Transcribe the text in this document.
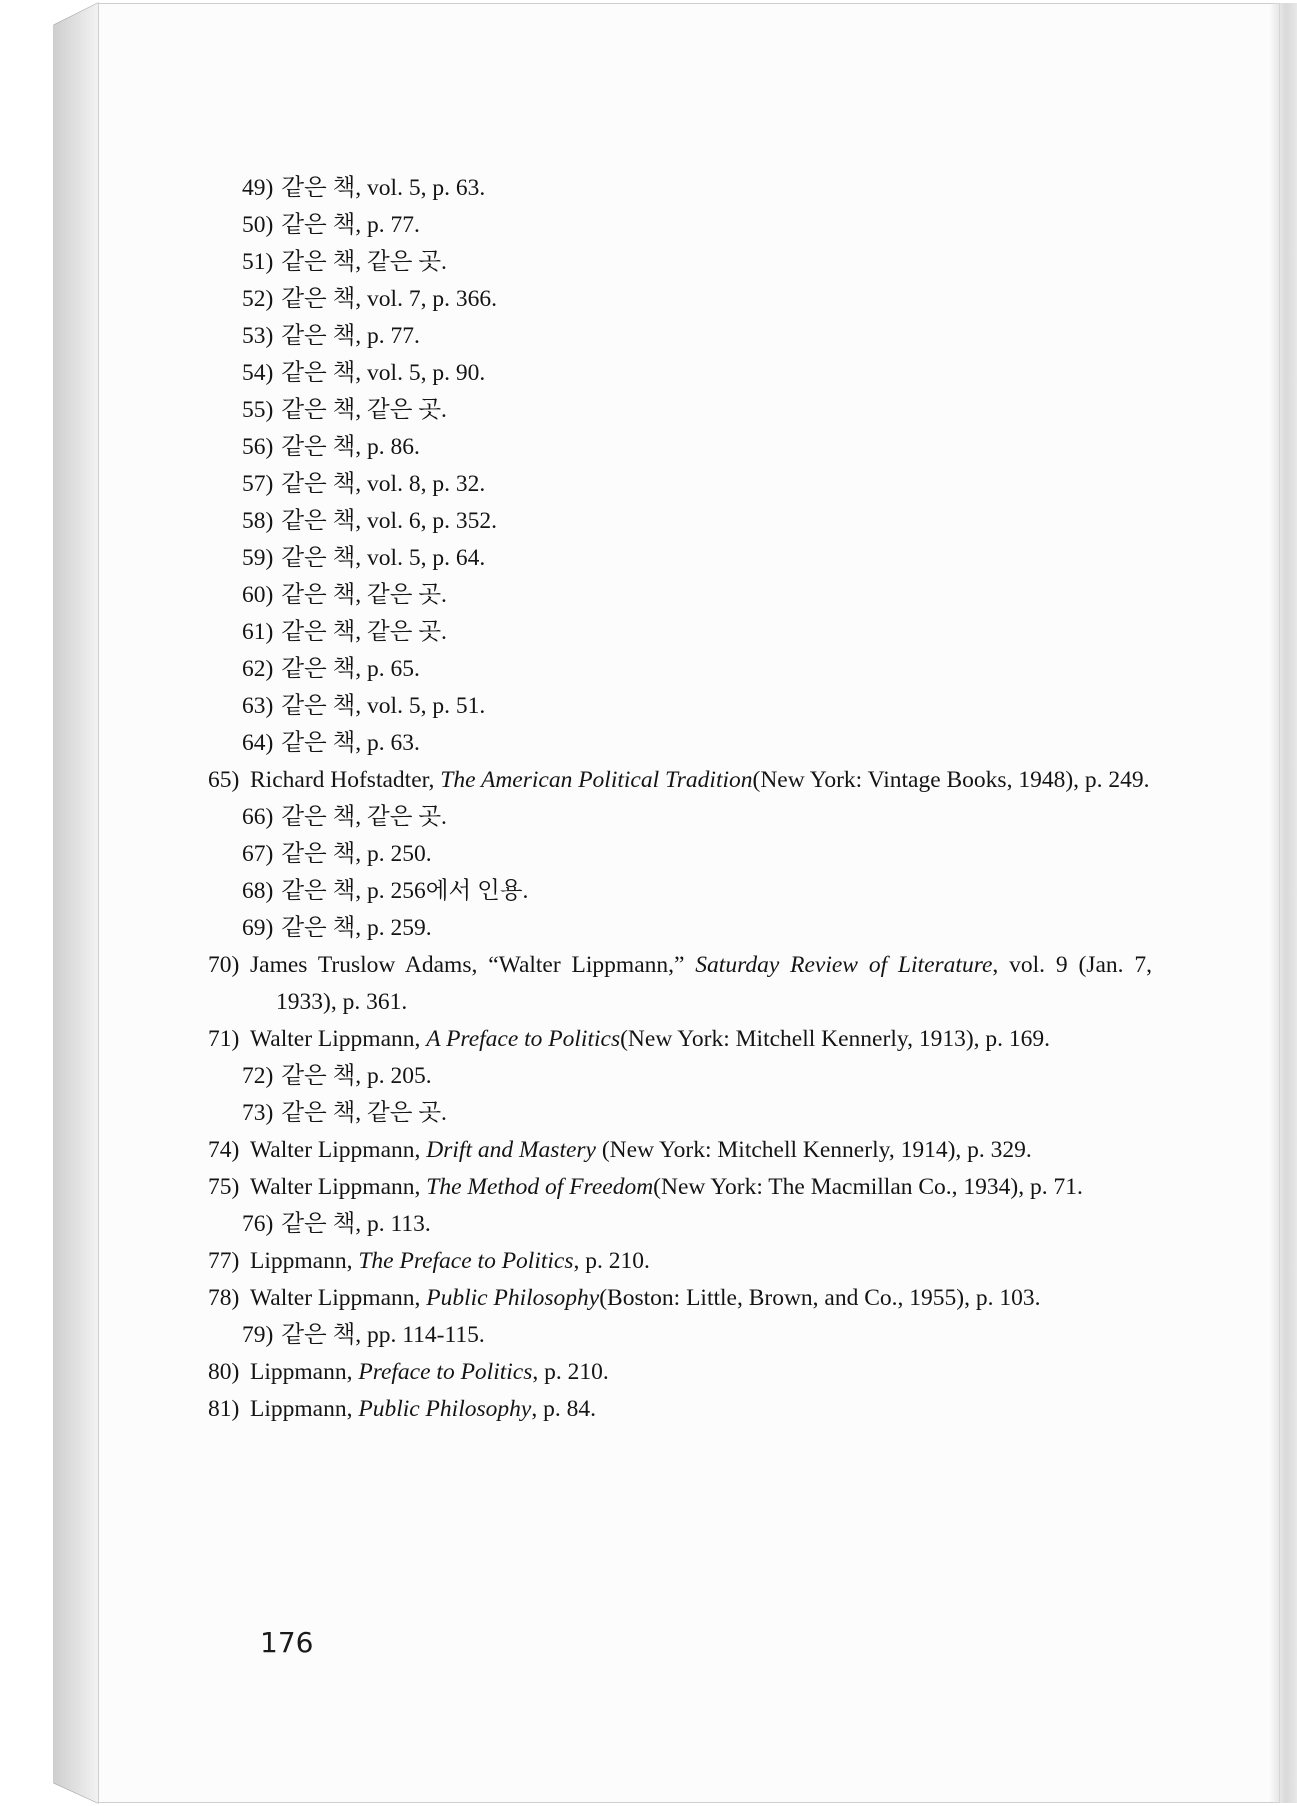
49) 같은 책, vol. 5, p. 63.
50) 같은 책, p. 77.
51) 같은 책, 같은 곳.
52) 같은 책, vol. 7, p. 366.
53) 같은 책, p. 77.
54) 같은 책, vol. 5, p. 90.
55) 같은 책, 같은 곳.
56) 같은 책, p. 86.
57) 같은 책, vol. 8, p. 32.
58) 같은 책, vol. 6, p. 352.
59) 같은 책, vol. 5, p. 64.
60) 같은 책, 같은 곳.
61) 같은 책, 같은 곳.
62) 같은 책, p. 65.
63) 같은 책, vol. 5, p. 51.
64) 같은 책, p. 63.
Richard Hofstadter, The American Political Tradition(New York: Vintage Books, 1948), p. 249.
66) 같은 책, 같은 곳.
67) 같은 책, p. 250.
68) 같은 책, p. 256에서 인용.
69) 같은 책, p. 259.
James Truslow Adams, “Walter Lippmann,” Saturday Review of Literature, vol. 9 (Jan. 7, 1933), p. 361.
Walter Lippmann, A Preface to Politics(New York: Mitchell Kennerly, 1913), p. 169.
72) 같은 책, p. 205.
73) 같은 책, 같은 곳.
Walter Lippmann, Drift and Mastery (New York: Mitchell Kennerly, 1914), p. 329.
Walter Lippmann, The Method of Freedom(New York: The Macmillan Co., 1934), p. 71.
76) 같은 책, p. 113.
Lippmann, The Preface to Politics, p. 210.
Walter Lippmann, Public Philosophy(Boston: Little, Brown, and Co., 1955), p. 103.
79) 같은 책, pp. 114-115.
Lippmann, Preface to Politics, p. 210.
Lippmann, Public Philosophy, p. 84.
176
